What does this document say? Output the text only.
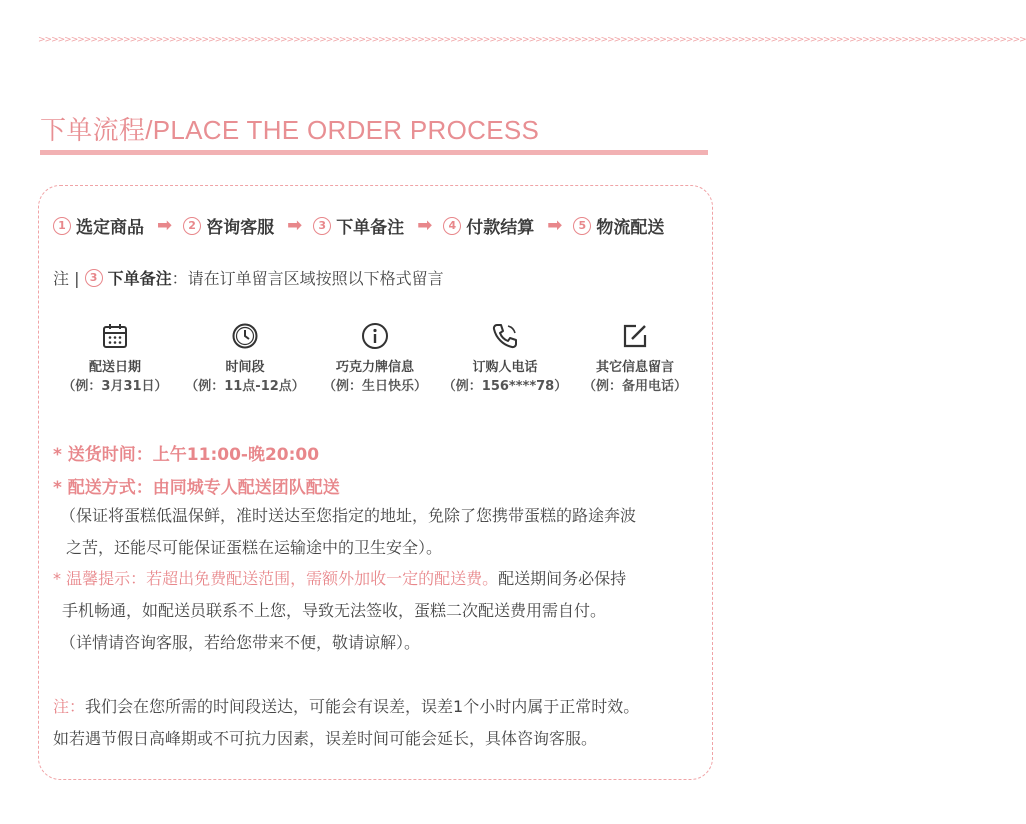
>>>>>>>>>>>>>>>>>>>>>>>>>>>>>>>>>>>>>>>>>>>>>>>>>>>>>>>>>>>>>>>>>>>>>>>>>>>>>>>>>>>>>>>>>>>>>>>>>>>>>>>>>>>>>>>>>>>>>>>>>>>>>>>>>>>>>>>>>>>>>>>>>>>>>>>
下单流程/PLACE THE ORDER PROCESS
1 选定商品 ➡	2 咨询客服 ➡	3 下单备注 ➡	4 付款结算 ➡	5 物流配送
注 | 3 下单备注 ：请在订单留言区域按照以下格式留言
配送日期
（例：3月31日）
时间段
（例：11点-12点）
巧克力牌信息
（例：生日快乐）
订购人电话
（例：156****78）
其它信息留言
（例：备用电话）
* 送货时间：上午11:00-晚20:00
* 配送方式：由同城专人配送团队配送
（保证将蛋糕低温保鲜，准时送达至您指定的地址，免除了您携带蛋糕的路途奔波
之苦，还能尽可能保证蛋糕在运输途中的卫生安全）。
* 温馨提示：若超出免费配送范围，需额外加收一定的配送费。配送期间务必保持
手机畅通，如配送员联系不上您，导致无法签收，蛋糕二次配送费用需自付。
（详情请咨询客服，若给您带来不便，敬请谅解）。
注：我们会在您所需的时间段送达，可能会有误差，误差1个小时内属于正常时效。
如若遇节假日高峰期或不可抗力因素，误差时间可能会延长，具体咨询客服。
